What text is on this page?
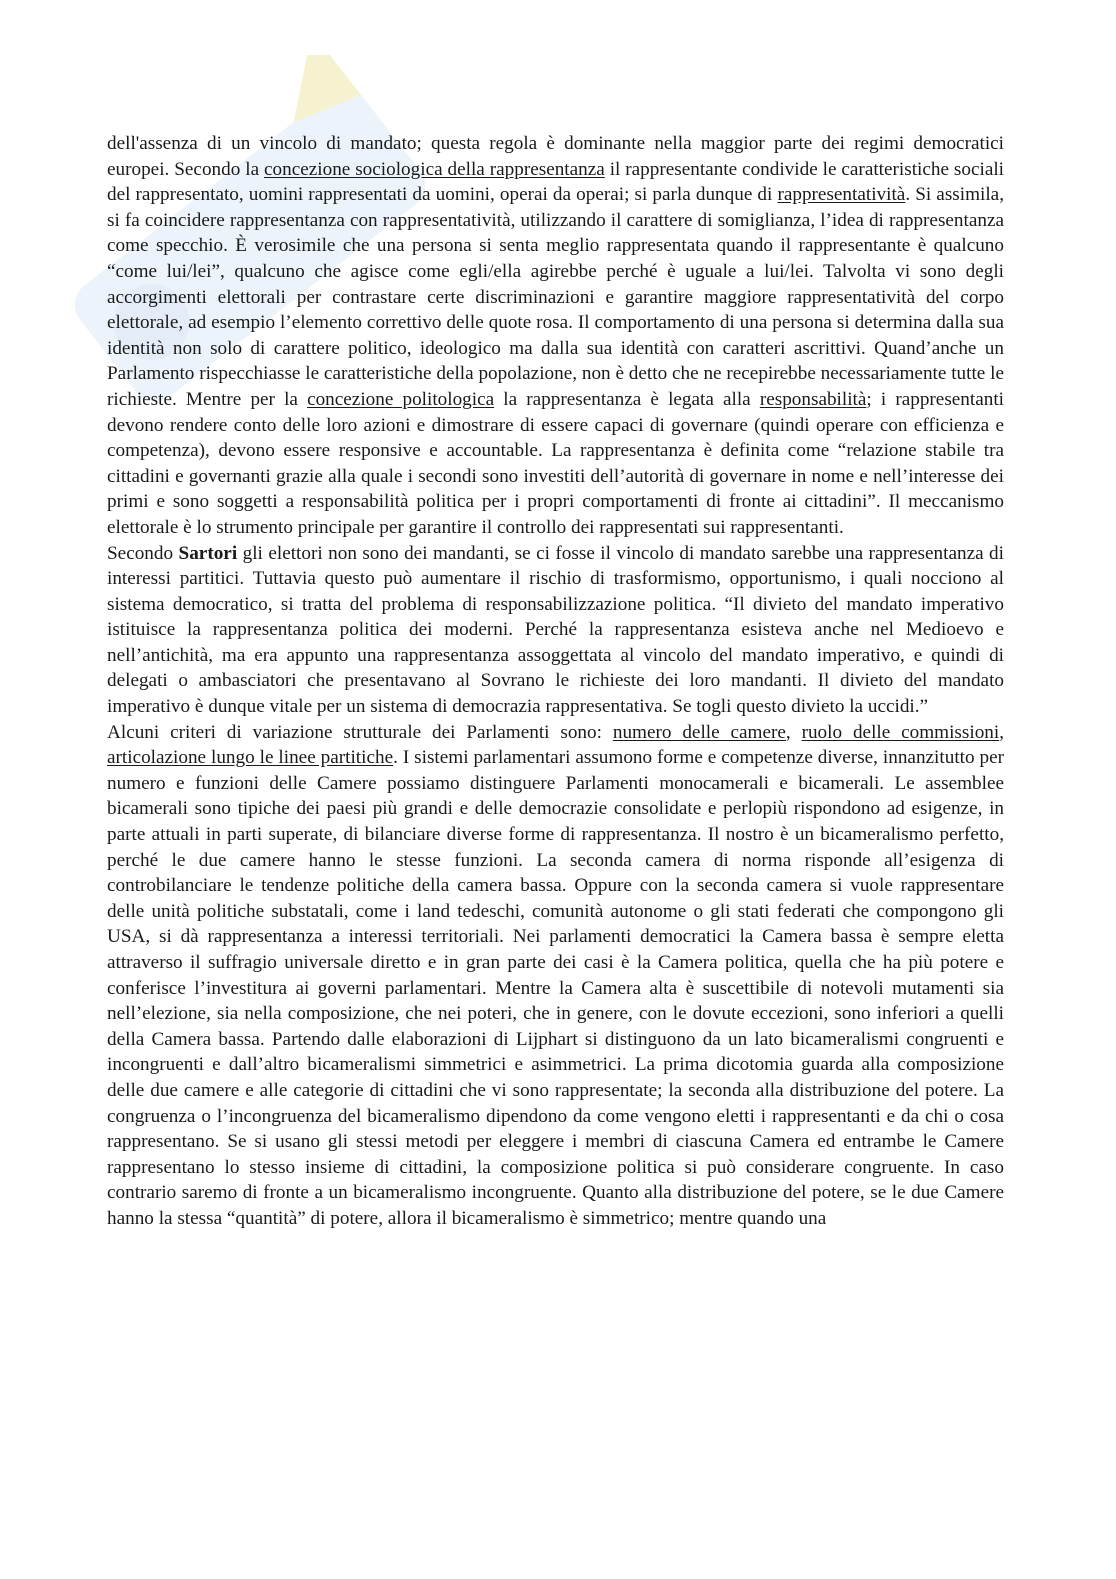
dell'assenza di un vincolo di mandato; questa regola è dominante nella maggior parte dei regimi democratici europei. Secondo la concezione sociologica della rappresentanza il rappresentante condivide le caratteristiche sociali del rappresentato, uomini rappresentati da uomini, operai da operai; si parla dunque di rappresentatività. Si assimila, si fa coincidere rappresentanza con rappresentatività, utilizzando il carattere di somiglianza, l’idea di rappresentanza come specchio. È verosimile che una persona si senta meglio rappresentata quando il rappresentante è qualcuno “come lui/lei”, qualcuno che agisce come egli/ella agirebbe perché è uguale a lui/lei. Talvolta vi sono degli accorgimenti elettorali per contrastare certe discriminazioni e garantire maggiore rappresentatività del corpo elettorale, ad esempio l’elemento correttivo delle quote rosa. Il comportamento di una persona si determina dalla sua identità non solo di carattere politico, ideologico ma dalla sua identità con caratteri ascrittivi. Quand’anche un Parlamento rispecchiasse le caratteristiche della popolazione, non è detto che ne recepirebbe necessariamente tutte le richieste. Mentre per la concezione politologica la rappresentanza è legata alla responsabilità; i rappresentanti devono rendere conto delle loro azioni e dimostrare di essere capaci di governare (quindi operare con efficienza e competenza), devono essere responsive e accountable. La rappresentanza è definita come “relazione stabile tra cittadini e governanti grazie alla quale i secondi sono investiti dell’autorità di governare in nome e nell’interesse dei primi e sono soggetti a responsabilità politica per i propri comportamenti di fronte ai cittadini”. Il meccanismo elettorale è lo strumento principale per garantire il controllo dei rappresentati sui rappresentanti.

Secondo Sartori gli elettori non sono dei mandanti, se ci fosse il vincolo di mandato sarebbe una rappresentanza di interessi partitici. Tuttavia questo può aumentare il rischio di trasformismo, opportunismo, i quali nocciono al sistema democratico, si tratta del problema di responsabilizzazione politica. “Il divieto del mandato imperativo istituisce la rappresentanza politica dei moderni. Perché la rappresentanza esisteva anche nel Medioevo e nell’antichità, ma era appunto una rappresentanza assoggettata al vincolo del mandato imperativo, e quindi di delegati o ambasciatori che presentavano al Sovrano le richieste dei loro mandanti. Il divieto del mandato imperativo è dunque vitale per un sistema di democrazia rappresentativa. Se togli questo divieto la uccidi.”

Alcuni criteri di variazione strutturale dei Parlamenti sono: numero delle camere, ruolo delle commissioni, articolazione lungo le linee partitiche. I sistemi parlamentari assumono forme e competenze diverse, innanzitutto per numero e funzioni delle Camere possiamo distinguere Parlamenti monocamerali e bicamerali. Le assemblee bicamerali sono tipiche dei paesi più grandi e delle democrazie consolidate e perlopiù rispondono ad esigenze, in parte attuali in parti superate, di bilanciare diverse forme di rappresentanza. Il nostro è un bicameralismo perfetto, perché le due camere hanno le stesse funzioni. La seconda camera di norma risponde all’esigenza di controbilanciare le tendenze politiche della camera bassa. Oppure con la seconda camera si vuole rappresentare delle unità politiche substatali, come i land tedeschi, comunità autonome o gli stati federati che compongono gli USA, si dà rappresentanza a interessi territoriali. Nei parlamenti democratici la Camera bassa è sempre eletta attraverso il suffragio universale diretto e in gran parte dei casi è la Camera politica, quella che ha più potere e conferisce l’investitura ai governi parlamentari. Mentre la Camera alta è suscettibile di notevoli mutamenti sia nell’elezione, sia nella composizione, che nei poteri, che in genere, con le dovute eccezioni, sono inferiori a quelli della Camera bassa. Partendo dalle elaborazioni di Lijphart si distinguono da un lato bicameralismi congruenti e incongruenti e dall’altro bicameralismi simmetrici e asimmetrici. La prima dicotomia guarda alla composizione delle due camere e alle categorie di cittadini che vi sono rappresentate; la seconda alla distribuzione del potere. La congruenza o l’incongruenza del bicameralismo dipendono da come vengono eletti i rappresentanti e da chi o cosa rappresentano. Se si usano gli stessi metodi per eleggere i membri di ciascuna Camera ed entrambe le Camere rappresentano lo stesso insieme di cittadini, la composizione politica si può considerare congruente. In caso contrario saremo di fronte a un bicameralismo incongruente. Quanto alla distribuzione del potere, se le due Camere hanno la stessa “quantità” di potere, allora il bicameralismo è simmetrico; mentre quando una
